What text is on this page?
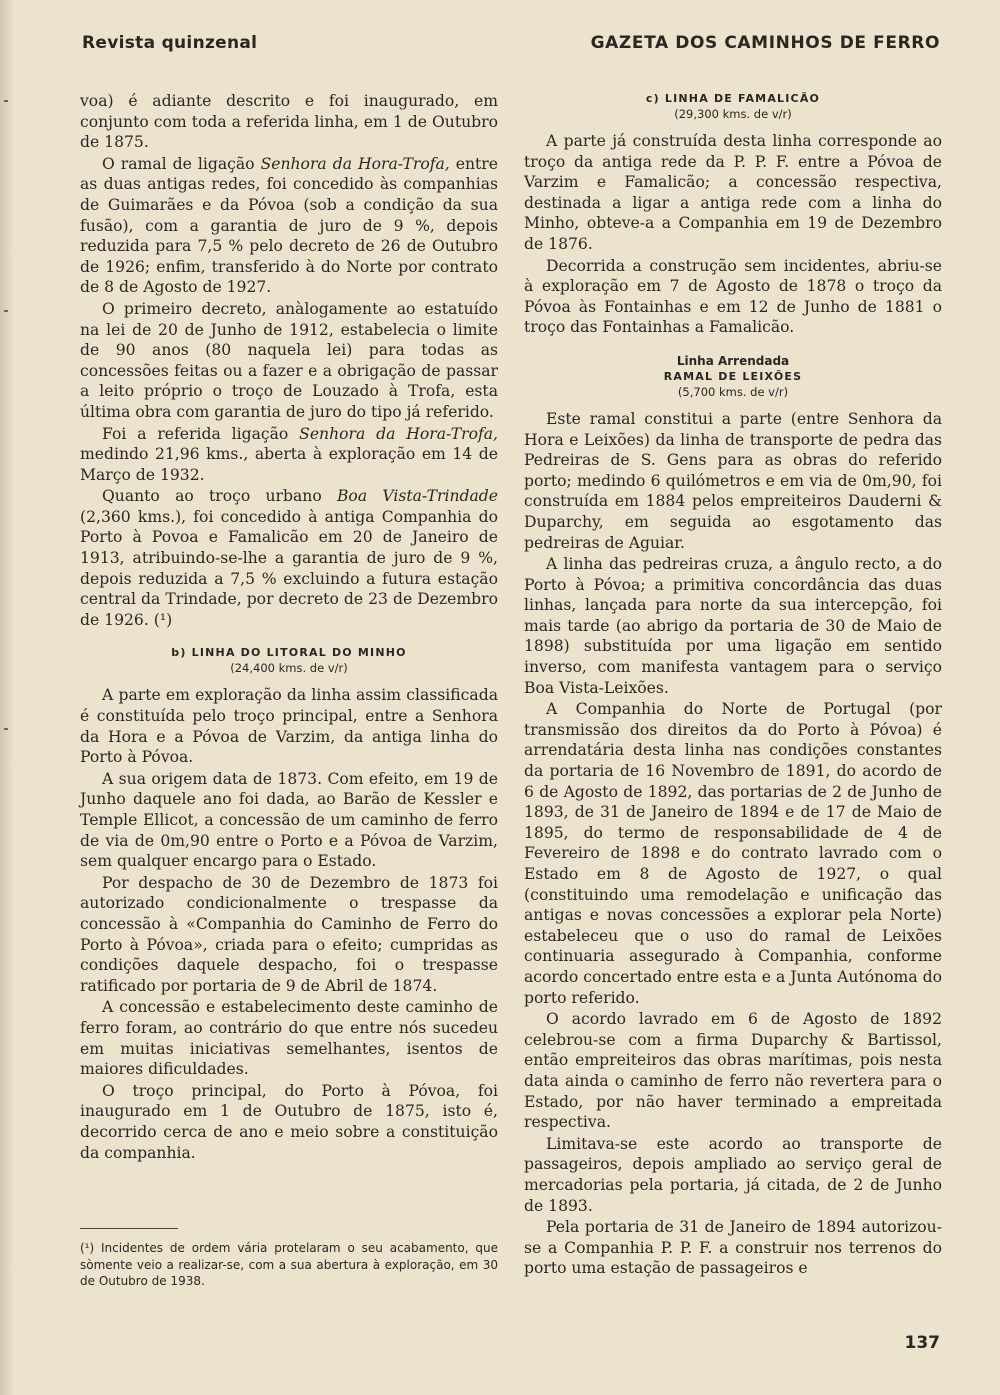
Revista quinzenal	GAZETA DOS CAMINHOS DE FERRO

voa) é adiante descrito e foi inaugurado, em conjunto com toda a referida linha, em 1 de Outubro de 1875.

O ramal de ligação Senhora da Hora-Trofa, entre as duas antigas redes, foi concedido às companhias de Guimarães e da Póvoa (sob a condição da sua fusão), com a garantia de juro de 9 %, depois reduzida para 7,5 % pelo decreto de 26 de Outubro de 1926; enfim, transferido à do Norte por contrato de 8 de Agosto de 1927.

O primeiro decreto, anàlogamente ao estatuído na lei de 20 de Junho de 1912, estabelecia o limite de 90 anos (80 naquela lei) para todas as concessões feitas ou a fazer e a obrigação de passar a leito próprio o troço de Louzado à Trofa, esta última obra com garantia de juro do tipo já referido.

Foi a referida ligação Senhora da Hora-Trofa, medindo 21,96 kms., aberta à exploração em 14 de Março de 1932.

Quanto ao troço urbano Boa Vista-Trindade (2,360 kms.), foi concedido à antiga Companhia do Porto à Povoa e Famalicão em 20 de Janeiro de 1913, atribuindo-se-lhe a garantia de juro de 9 %, depois reduzida a 7,5 % excluindo a futura estação central da Trindade, por decreto de 23 de Dezembro de 1926. (¹)

b) LINHA DO LITORAL DO MINHO
(24,400 kms. de v/r)

A parte em exploração da linha assim classificada é constituída pelo troço principal, entre a Senhora da Hora e a Póvoa de Varzim, da antiga linha do Porto à Póvoa.

A sua origem data de 1873. Com efeito, em 19 de Junho daquele ano foi dada, ao Barão de Kessler e Temple Ellicot, a concessão de um caminho de ferro de via de 0m,90 entre o Porto e a Póvoa de Varzim, sem qualquer encargo para o Estado.

Por despacho de 30 de Dezembro de 1873 foi autorizado condicionalmente o trespasse da concessão à «Companhia do Caminho de Ferro do Porto à Póvoa», criada para o efeito; cumpridas as condições daquele despacho, foi o trespasse ratificado por portaria de 9 de Abril de 1874.

A concessão e estabelecimento deste caminho de ferro foram, ao contrário do que entre nós sucedeu em muitas iniciativas semelhantes, isentos de maiores dificuldades.

O troço principal, do Porto à Póvoa, foi inaugurado em 1 de Outubro de 1875, isto é, decorrido cerca de ano e meio sobre a constituição da companhia.

(¹) Incidentes de ordem vária protelaram o seu acabamento, que sòmente veio a realizar-se, com a sua abertura à exploração, em 30 de Outubro de 1938.
c) LINHA DE FAMALICÃO
(29,300 kms. de v/r)

A parte já construída desta linha corresponde ao troço da antiga rede da P. P. F. entre a Póvoa de Varzim e Famalicão; a concessão respectiva, destinada a ligar a antiga rede com a linha do Minho, obteve-a a Companhia em 19 de Dezembro de 1876.

Decorrida a construção sem incidentes, abriu-se à exploração em 7 de Agosto de 1878 o troço da Póvoa às Fontainhas e em 12 de Junho de 1881 o troço das Fontainhas a Famalicão.

Linha Arrendada
RAMAL DE LEIXÕES
(5,700 kms. de v/r)

Este ramal constitui a parte (entre Senhora da Hora e Leixões) da linha de transporte de pedra das Pedreiras de S. Gens para as obras do referido porto; medindo 6 quilómetros e em via de 0m,90, foi construída em 1884 pelos empreiteiros Dauderni & Duparchy, em seguida ao esgotamento das pedreiras de Aguiar.

A linha das pedreiras cruza, a ângulo recto, a do Porto à Póvoa; a primitiva concordância das duas linhas, lançada para norte da sua intercepção, foi mais tarde (ao abrigo da portaria de 30 de Maio de 1898) substituída por uma ligação em sentido inverso, com manifesta vantagem para o serviço Boa Vista-Leixões.

A Companhia do Norte de Portugal (por transmissão dos direitos da do Porto à Póvoa) é arrendatária desta linha nas condições constantes da portaria de 16 Novembro de 1891, do acordo de 6 de Agosto de 1892, das portarias de 2 de Junho de 1893, de 31 de Janeiro de 1894 e de 17 de Maio de 1895, do termo de responsabilidade de 4 de Fevereiro de 1898 e do contrato lavrado com o Estado em 8 de Agosto de 1927, o qual (constituindo uma remodelação e unificação das antigas e novas concessões a explorar pela Norte) estabeleceu que o uso do ramal de Leixões continuaria assegurado à Companhia, conforme acordo concertado entre esta e a Junta Autónoma do porto referido.

O acordo lavrado em 6 de Agosto de 1892 celebrou-se com a firma Duparchy & Bartissol, então empreiteiros das obras marítimas, pois nesta data ainda o caminho de ferro não revertera para o Estado, por não haver terminado a empreitada respectiva.

Limitava-se este acordo ao transporte de passageiros, depois ampliado ao serviço geral de mercadorias pela portaria, já citada, de 2 de Junho de 1893.

Pela portaria de 31 de Janeiro de 1894 autorizou-se a Companhia P. P. F. a construir nos terrenos do porto uma estação de passageiros e

137
